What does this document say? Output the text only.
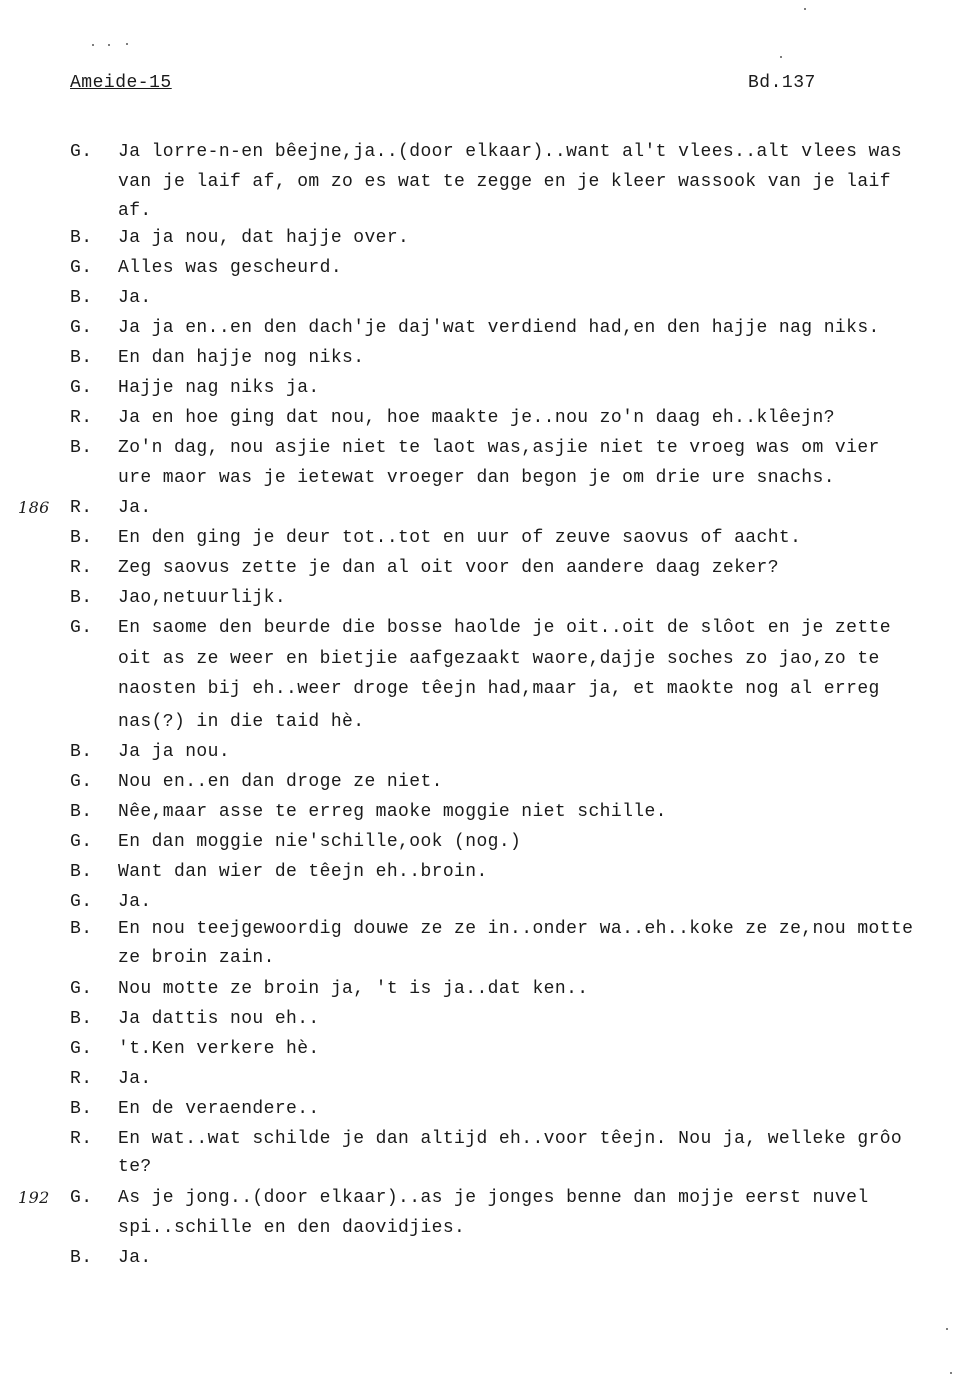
Ameide-15	Bd.137
G. Ja lorre-n-en bêejne,ja..(door elkaar)..want al't vlees..alt vlees was
van je laif af, om zo es wat te zegge en je kleer wassook van je laif
af.
B. Ja ja nou, dat hajje over.
G. Alles was gescheurd.
B. Ja.
G. Ja ja en..en den dach'je daj'wat verdiend had,en den hajje nag niks.
B. En dan hajje nog niks.
G. Hajje nag niks ja.
R. Ja en hoe ging dat nou, hoe maakte je..nou zo'n daag eh..klêejn?
B. Zo'n dag, nou asjie niet te laot was,asjie niet te vroeg was om vier
ure maor was je ietewat vroeger dan begon je om drie ure snachs.
186 R. Ja.
B. En den ging je deur tot..tot en uur of zeuve saovus of aacht.
R. Zeg saovus zette je dan al oit voor den aandere daag zeker?
B. Jao,netuurlijk.
G. En saome den beurde die bosse haolde je oit..oit de slôot en je zette
oit as ze weer en bietjie aafgezaakt waore,dajje soches zo jao,zo te
naosten bij eh..weer droge têejn had,maar ja, et maokte nog al erreg
nas(?) in die taid hè.
B. Ja ja nou.
G. Nou en..en dan droge ze niet.
B. Nêe,maar asse te erreg maoke moggie niet schille.
G. En dan moggie nie'schille,ook (nog.)
B. Want dan wier de têejn eh..broin.
G. Ja.
B. En nou teejgewoordig douwe ze ze in..onder wa..eh..koke ze ze,nou motte
ze broin zain.
G. Nou motte ze broin ja, 't is ja..dat ken..
B. Ja dattis nou eh..
G. 't.Ken verkere hè.
R. Ja.
B. En de veraendere..
R. En wat..wat schilde je dan altijd eh..voor têejn. Nou ja, welleke grôo
te?
192 G. As je jong..(door elkaar)..as je jonges benne dan mojje eerst nuvel
spi..schille en den daovidjies.
B. Ja.
